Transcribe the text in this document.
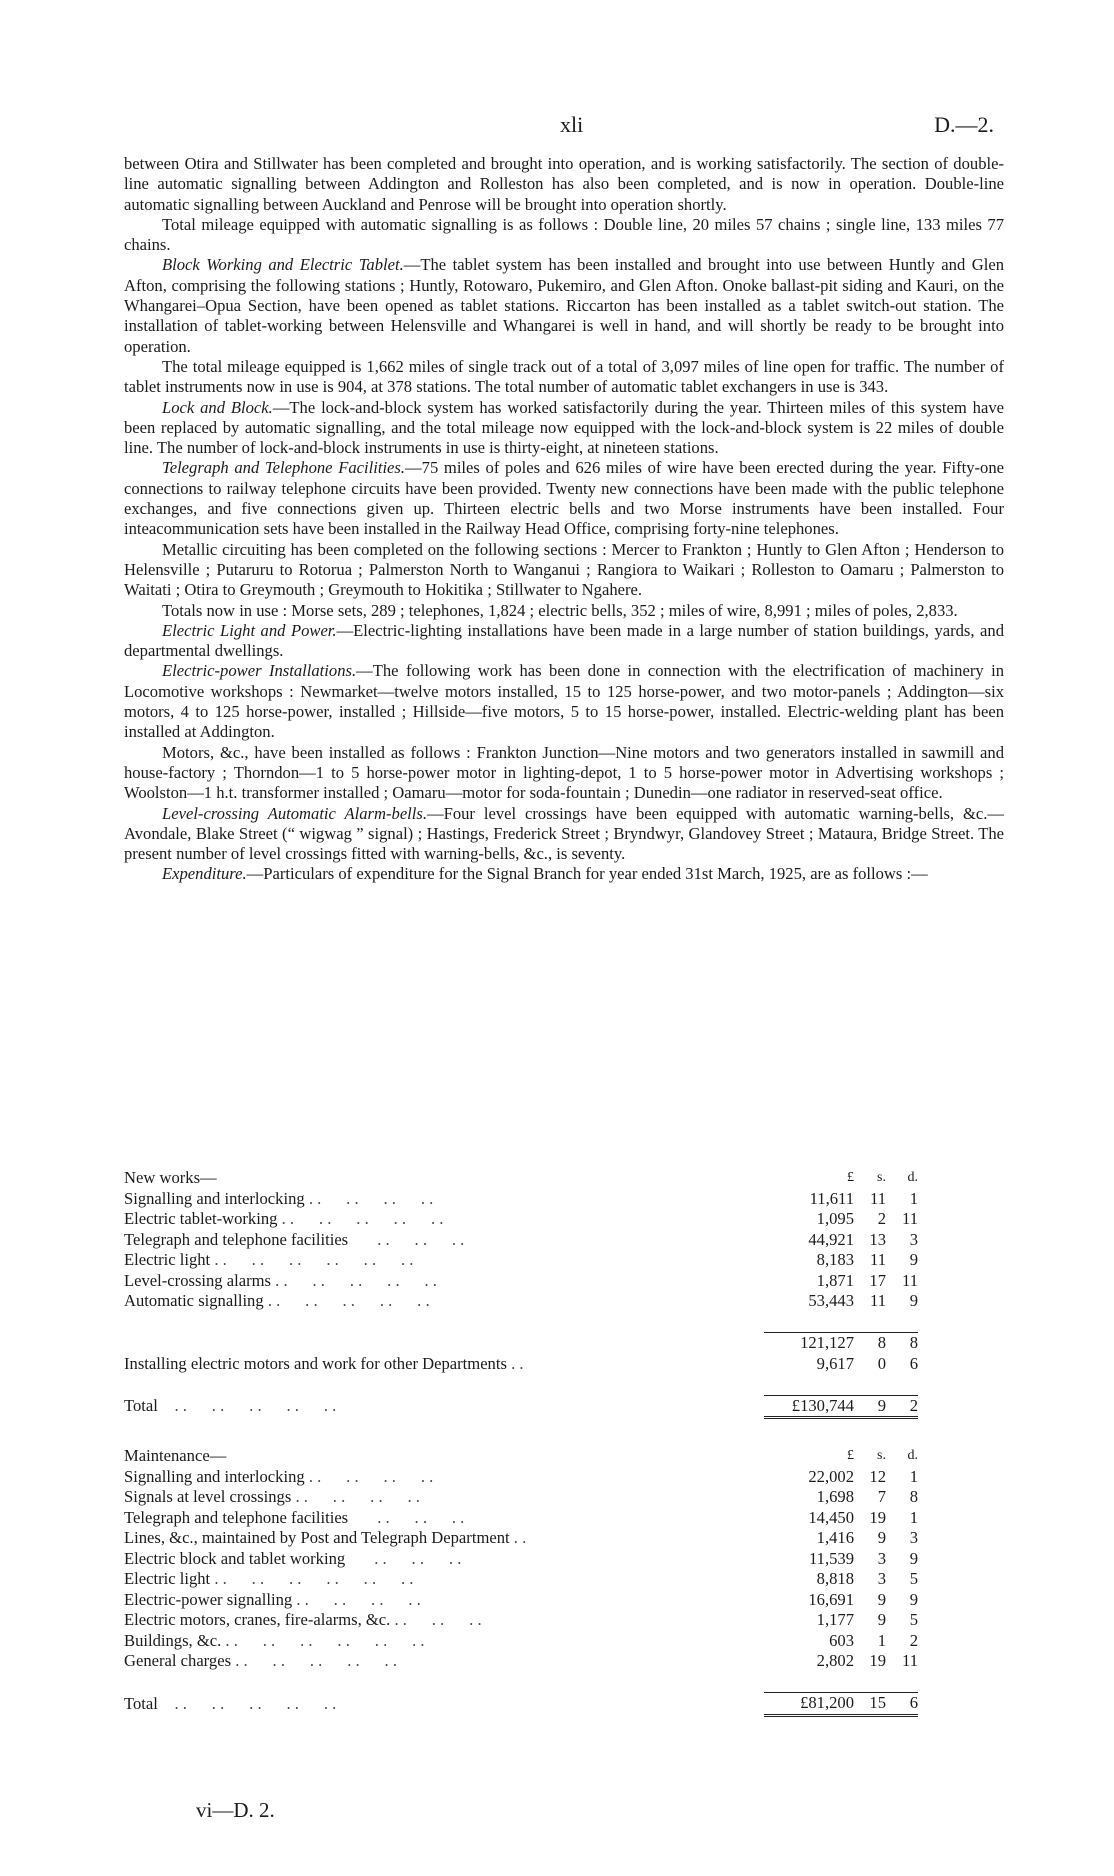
xli	D.—2.

between Otira and Stillwater has been completed and brought into operation, and is working satisfactorily. The section of double-line automatic signalling between Addington and Rolleston has also been completed, and is now in operation. Double-line automatic signalling between Auckland and Penrose will be brought into operation shortly.

Total mileage equipped with automatic signalling is as follows : Double line, 20 miles 57 chains ; single line, 133 miles 77 chains.

Block Working and Electric Tablet.—The tablet system has been installed and brought into use between Huntly and Glen Afton, comprising the following stations ; Huntly, Rotowaro, Pukemiro, and Glen Afton. Onoke ballast-pit siding and Kauri, on the Whangarei–Opua Section, have been opened as tablet stations. Riccarton has been installed as a tablet switch-out station. The installation of tablet-working between Helensville and Whangarei is well in hand, and will shortly be ready to be brought into operation.

The total mileage equipped is 1,662 miles of single track out of a total of 3,097 miles of line open for traffic. The number of tablet instruments now in use is 904, at 378 stations. The total number of automatic tablet exchangers in use is 343.

Lock and Block.—The lock-and-block system has worked satisfactorily during the year. Thirteen miles of this system have been replaced by automatic signalling, and the total mileage now equipped with the lock-and-block system is 22 miles of double line. The number of lock-and-block instruments in use is thirty-eight, at nineteen stations.

Telegraph and Telephone Facilities.—75 miles of poles and 626 miles of wire have been erected during the year. Fifty-one connections to railway telephone circuits have been provided. Twenty new connections have been made with the public telephone exchanges, and five connections given up. Thirteen electric bells and two Morse instruments have been installed. Four inteacommunication sets have been installed in the Railway Head Office, comprising forty-nine telephones.

Metallic circuiting has been completed on the following sections : Mercer to Frankton ; Huntly to Glen Afton ; Henderson to Helensville ; Putaruru to Rotorua ; Palmerston North to Wanganui ; Rangiora to Waikari ; Rolleston to Oamaru ; Palmerston to Waitati ; Otira to Greymouth ; Greymouth to Hokitika ; Stillwater to Ngahere.

Totals now in use : Morse sets, 289 ; telephones, 1,824 ; electric bells, 352 ; miles of wire, 8,991 ; miles of poles, 2,833.

Electric Light and Power.—Electric-lighting installations have been made in a large number of station buildings, yards, and departmental dwellings.

Electric-power Installations.—The following work has been done in connection with the electrification of machinery in Locomotive workshops : Newmarket—twelve motors installed, 15 to 125 horse-power, and two motor-panels ; Addington—six motors, 4 to 125 horse-power, installed ; Hillside—five motors, 5 to 15 horse-power, installed. Electric-welding plant has been installed at Addington.

Motors, &c., have been installed as follows : Frankton Junction—Nine motors and two generators installed in sawmill and house-factory ; Thorndon—1 to 5 horse-power motor in lighting-depot, 1 to 5 horse-power motor in Advertising workshops ; Woolston—1 h.t. transformer installed ; Oamaru—motor for soda-fountain ; Dunedin—one radiator in reserved-seat office.

Level-crossing Automatic Alarm-bells.—Four level crossings have been equipped with automatic warning-bells, &c.—Avondale, Blake Street (“ wigwag ” signal) ; Hastings, Frederick Street ; Bryndwyr, Glandovey Street ; Mataura, Bridge Street. The present number of level crossings fitted with warning-bells, &c., is seventy.

Expenditure.—Particulars of expenditure for the Signal Branch for year ended 31st March, 1925, are as follows :—

New works—	£	s.	d.	
Signalling and interlocking . .      . .      . .      . .	11,611	11	1	
Electric tablet-working . .      . .      . .      . .      . .	1,095	2	11	
Telegraph and telephone facilities       . .      . .      . .	44,921	13	3	
Electric light . .      . .      . .      . .      . .      . .	8,183	11	9	
Level-crossing alarms . .      . .      . .      . .      . .	1,871	17	11	
Automatic signalling . .      . .      . .      . .      . .	53,443	11	9	

	121,127	8	8	
Installing electric motors and work for other Departments . .	9,617	0	6	

Total . .      . .      . .      . .      . .	£130,744	9	2	
Maintenance—	£	s.	d.	
Signalling and interlocking . .      . .      . .      . .	22,002	12	1	
Signals at level crossings . .      . .      . .      . .	1,698	7	8	
Telegraph and telephone facilities       . .      . .      . .	14,450	19	1	
Lines, &c., maintained by Post and Telegraph Department . .	1,416	9	3	
Electric block and tablet working       . .      . .      . .	11,539	3	9	
Electric light . .      . .      . .      . .      . .      . .	8,818	3	5	
Electric-power signalling . .      . .      . .      . .	16,691	9	9	
Electric motors, cranes, fire-alarms, &c. . .      . .      . .	1,177	9	5	
Buildings, &c. . .      . .      . .      . .      . .      . .	603	1	2	
General charges . .      . .      . .      . .      . .	2,802	19	11	

Total . .      . .      . .      . .      . .	£81,200	15	6	
vi—D. 2.
